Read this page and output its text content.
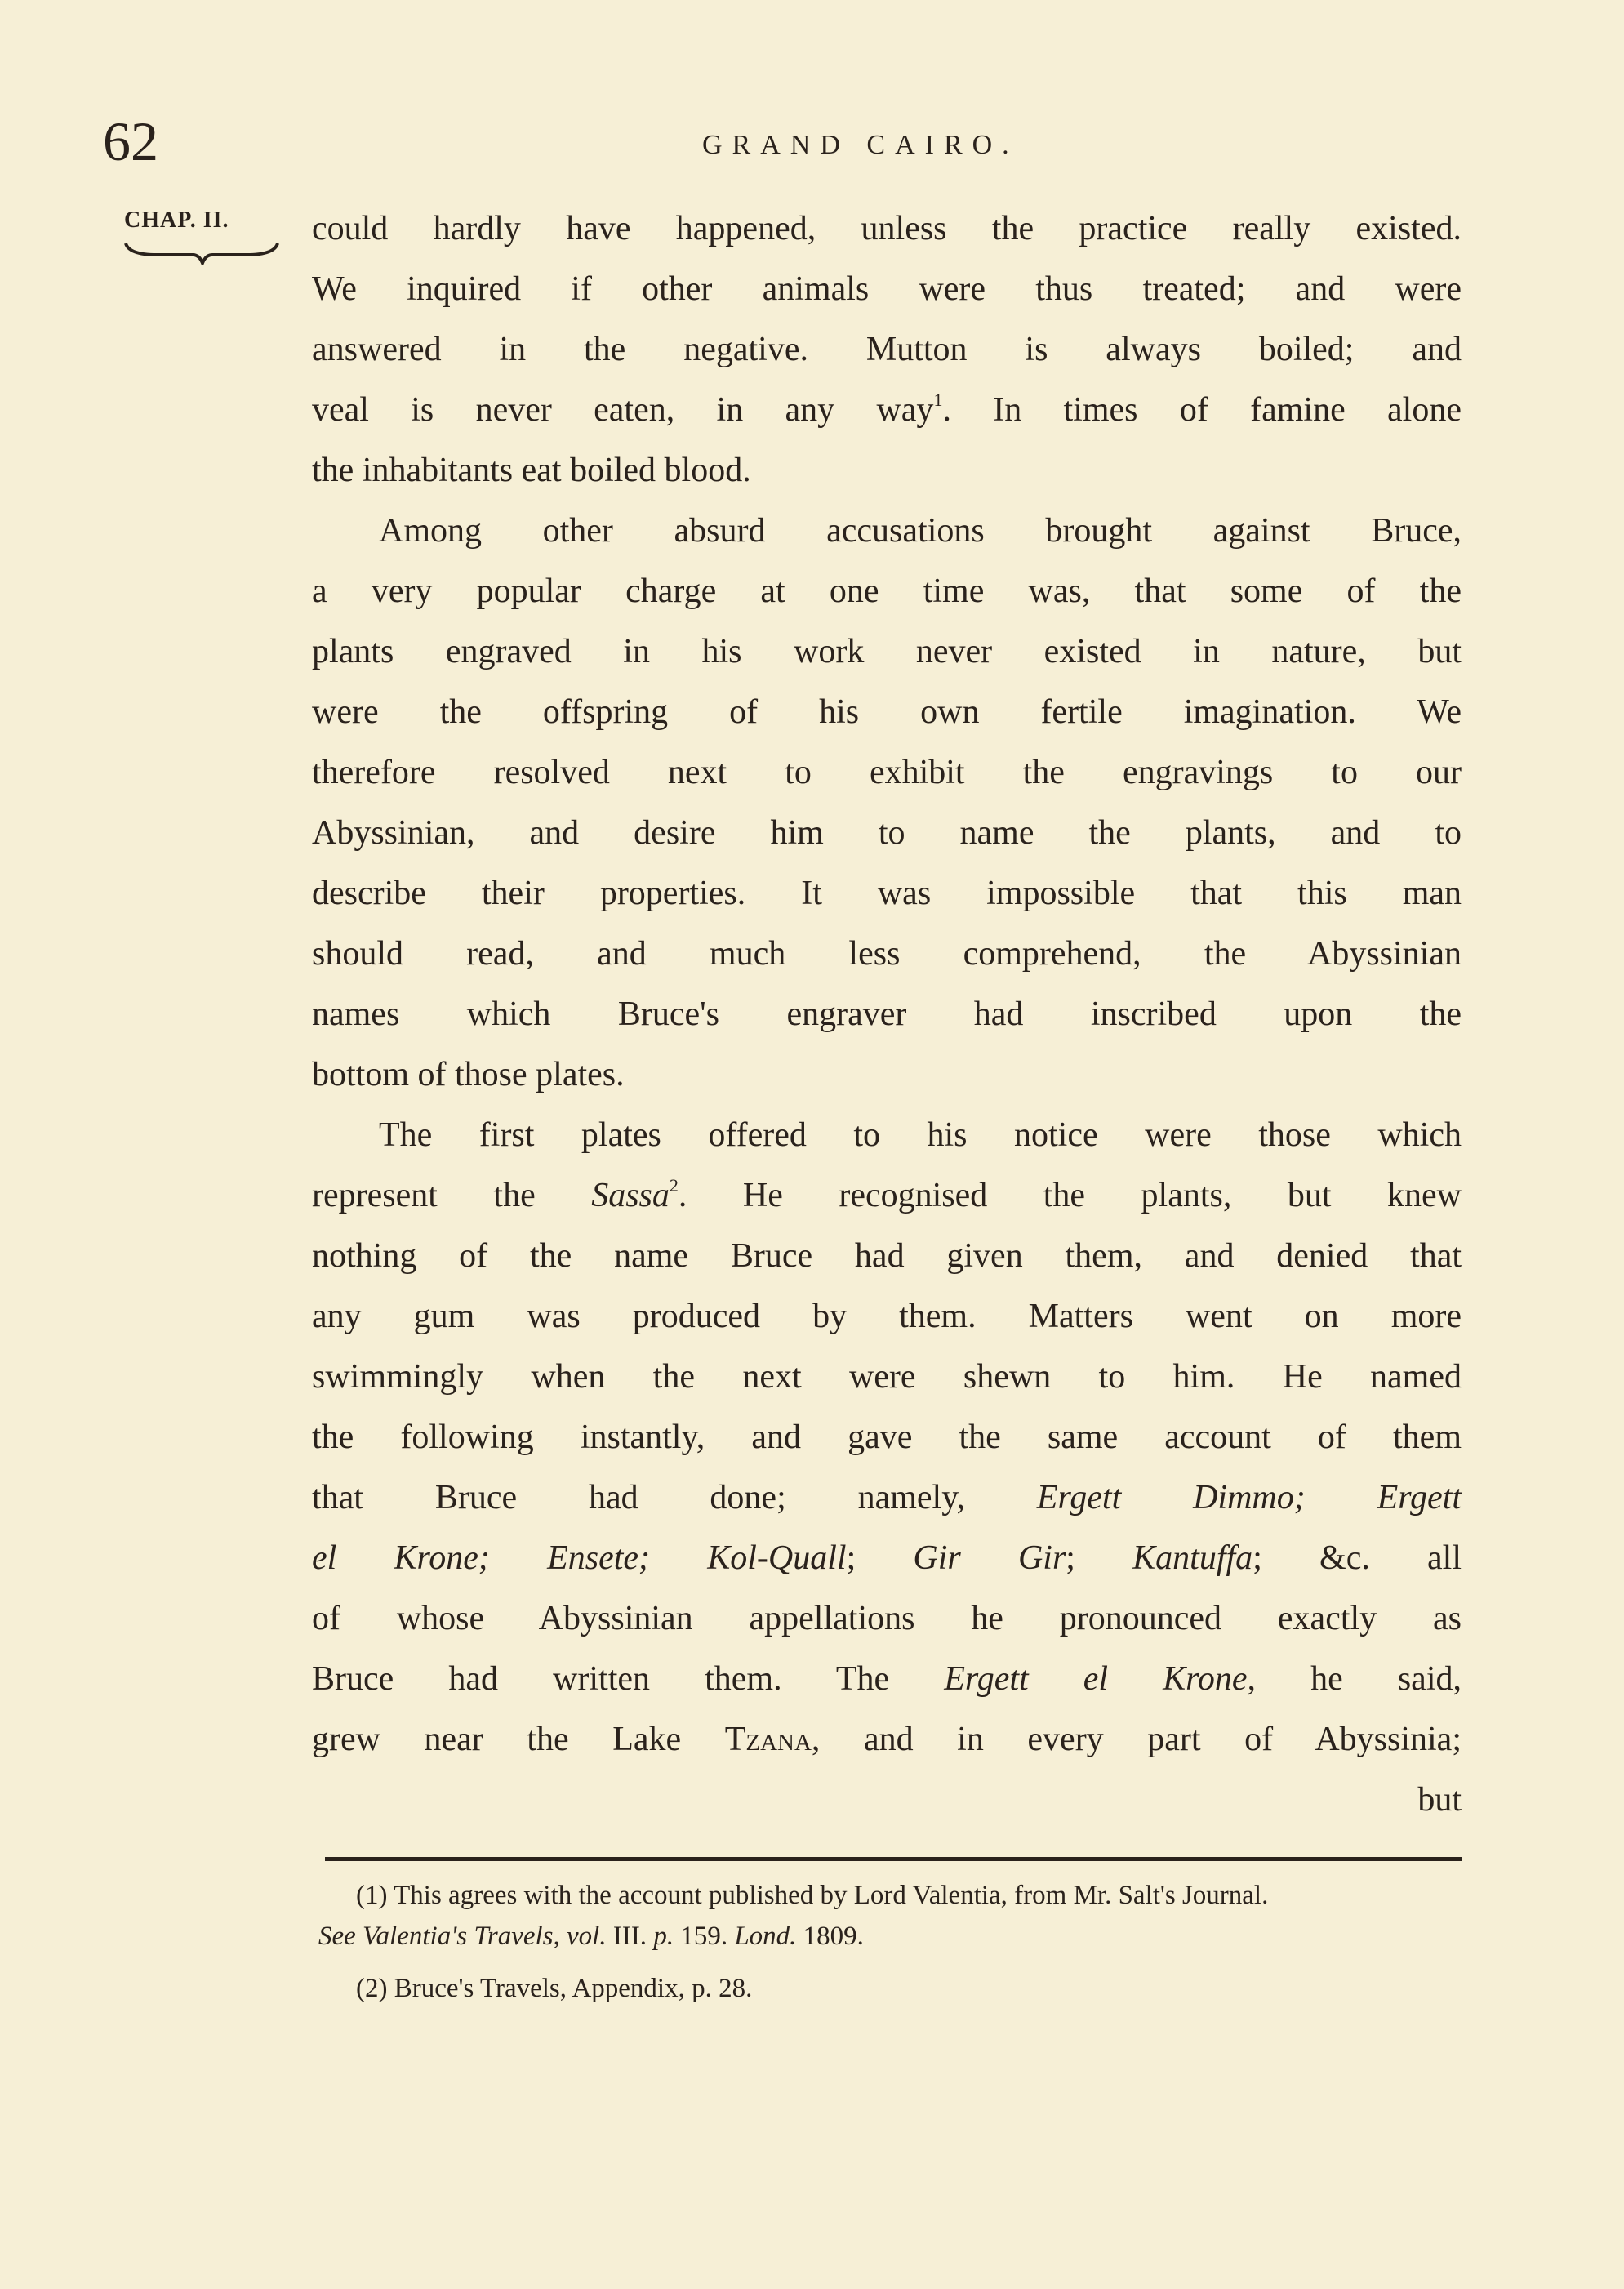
62	GRAND CAIRO.
CHAP. II.	could hardly have happened, unless the practice really existed.
We inquired if other animals were thus treated; and were
answered in the negative. Mutton is always boiled; and
veal is never eaten, in any way$^1$. In times of famine alone
the inhabitants eat boiled blood.

Among other absurd accusations brought against Bruce,
a very popular charge at one time was, that some of the
plants engraved in his work never existed in nature, but
were the offspring of his own fertile imagination. We
therefore resolved next to exhibit the engravings to our
Abyssinian, and desire him to name the plants, and to
describe their properties. It was impossible that this man
should read, and much less comprehend, the Abyssinian
names which Bruce's engraver had inscribed upon the
bottom of those plates.

The first plates offered to his notice were those which
represent the Sassa$^2$. He recognised the plants, but knew
nothing of the name Bruce had given them, and denied that
any gum was produced by them. Matters went on more
swimmingly when the next were shewn to him. He named
the following instantly, and gave the same account of them
that Bruce had done; namely, Ergett Dimmo; Ergett
el Krone; Ensete; Kol-Quall; Gir Gir; Kantuffa; &c. all
of whose Abyssinian appellations he pronounced exactly as
Bruce had written them. The Ergett el Krone, he said,
grew near the Lake Tzana, and in every part of Abyssinia;
but

(1) This agrees with the account published by Lord Valentia, from Mr. Salt's Journal.

See Valentia's Travels, vol. III. p. 159. Lond. 1809.

(2) Bruce's Travels, Appendix, p. 28.
